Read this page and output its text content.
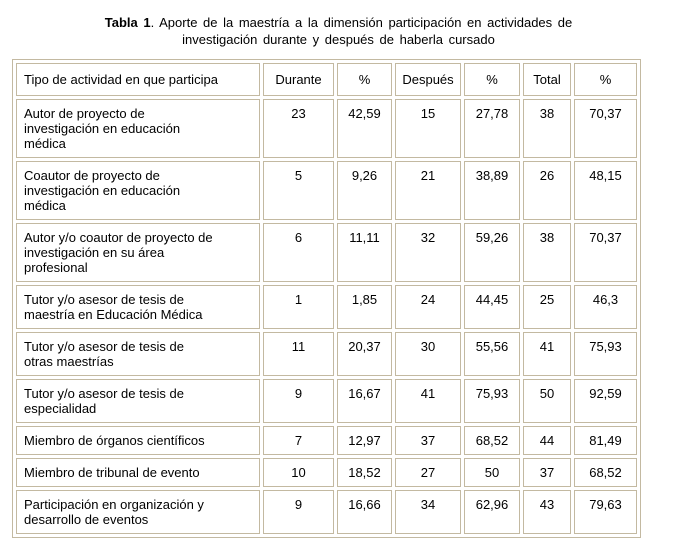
Tabla 1. Aporte de la maestría a la dimensión participación en actividades de
investigación durante y después de haberla cursado
Tipo de actividad en que participa	Durante	%	Después	%	Total	%
Autor de proyecto de investigación en educación médica	23	42,59	15	27,78	38	70,37
Coautor de proyecto de investigación en educación médica	5	9,26	21	38,89	26	48,15
Autor y/o coautor de proyecto de investigación en su área profesional	6	11,11	32	59,26	38	70,37
Tutor y/o asesor de tesis de maestría en Educación Médica	1	1,85	24	44,45	25	46,3
Tutor y/o asesor de tesis de otras maestrías	11	20,37	30	55,56	41	75,93
Tutor y/o asesor de tesis de especialidad	9	16,67	41	75,93	50	92,59
Miembro de órganos científicos	7	12,97	37	68,52	44	81,49
Miembro de tribunal de evento	10	18,52	27	50	37	68,52
Participación en organización y desarrollo de eventos	9	16,66	34	62,96	43	79,63
